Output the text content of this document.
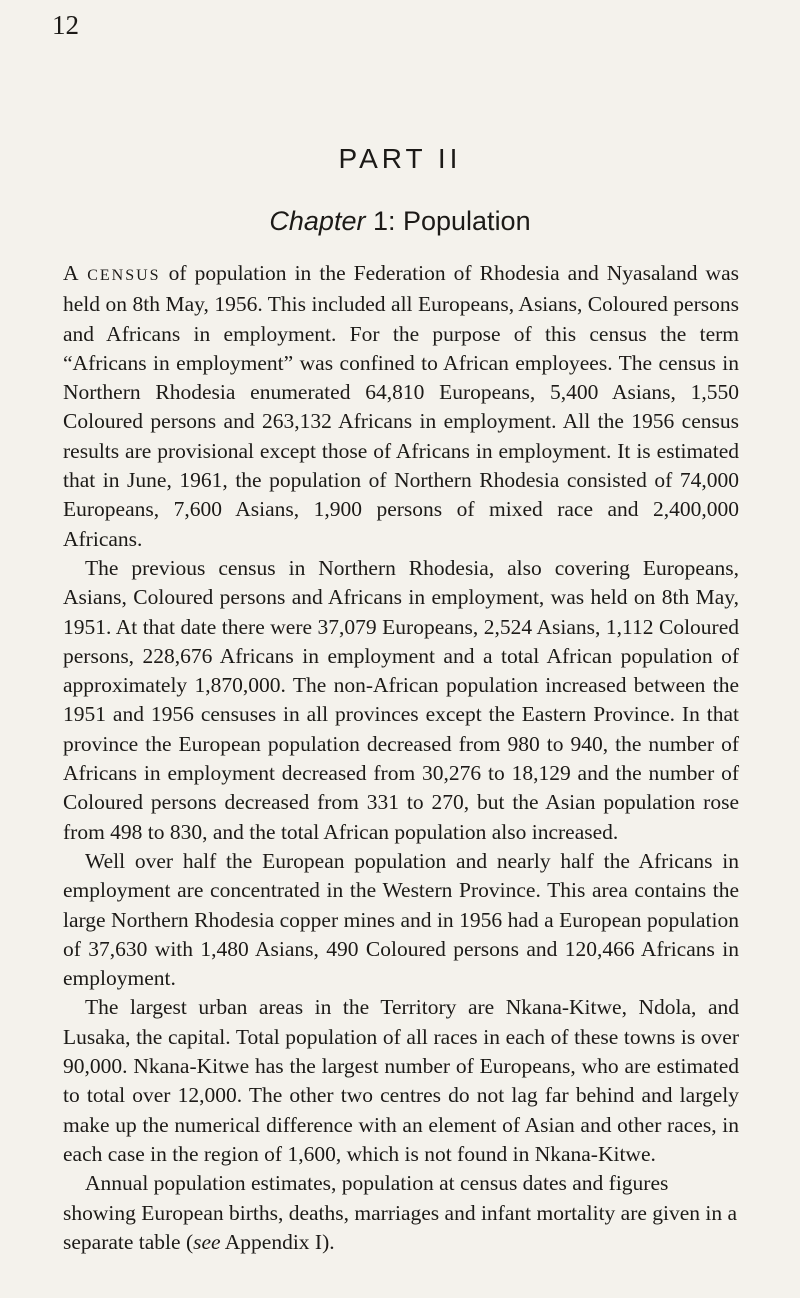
12
PART II
Chapter 1: Population

A CENSUS of population in the Federation of Rhodesia and Nyasaland was held on 8th May, 1956. This included all Europeans, Asians, Coloured persons and Africans in employment. For the purpose of this census the term “Africans in employment” was confined to African employees. The census in Northern Rhodesia enumerated 64,810 Europeans, 5,400 Asians, 1,550 Coloured persons and 263,132 Africans in employment. All the 1956 census results are provisional except those of Africans in employment. It is estimated that in June, 1961, the population of Northern Rhodesia consisted of 74,000 Europeans, 7,600 Asians, 1,900 persons of mixed race and 2,400,000 Africans.

The previous census in Northern Rhodesia, also covering Europeans, Asians, Coloured persons and Africans in employment, was held on 8th May, 1951. At that date there were 37,079 Europeans, 2,524 Asians, 1,112 Coloured persons, 228,676 Africans in employment and a total African population of approximately 1,870,000. The non-African population increased between the 1951 and 1956 censuses in all provinces except the Eastern Province. In that province the European population decreased from 980 to 940, the number of Africans in employment decreased from 30,276 to 18,129 and the number of Coloured persons decreased from 331 to 270, but the Asian population rose from 498 to 830, and the total African population also increased.

Well over half the European population and nearly half the Africans in employment are concentrated in the Western Province. This area contains the large Northern Rhodesia copper mines and in 1956 had a European population of 37,630 with 1,480 Asians, 490 Coloured persons and 120,466 Africans in employment.

The largest urban areas in the Territory are Nkana-Kitwe, Ndola, and Lusaka, the capital. Total population of all races in each of these towns is over 90,000. Nkana-Kitwe has the largest number of Europeans, who are estimated to total over 12,000. The other two centres do not lag far behind and largely make up the numerical difference with an element of Asian and other races, in each case in the region of 1,600, which is not found in Nkana-Kitwe.

Annual population estimates, population at census dates and figures showing European births, deaths, marriages and infant mortality are given in a separate table (see Appendix I).
